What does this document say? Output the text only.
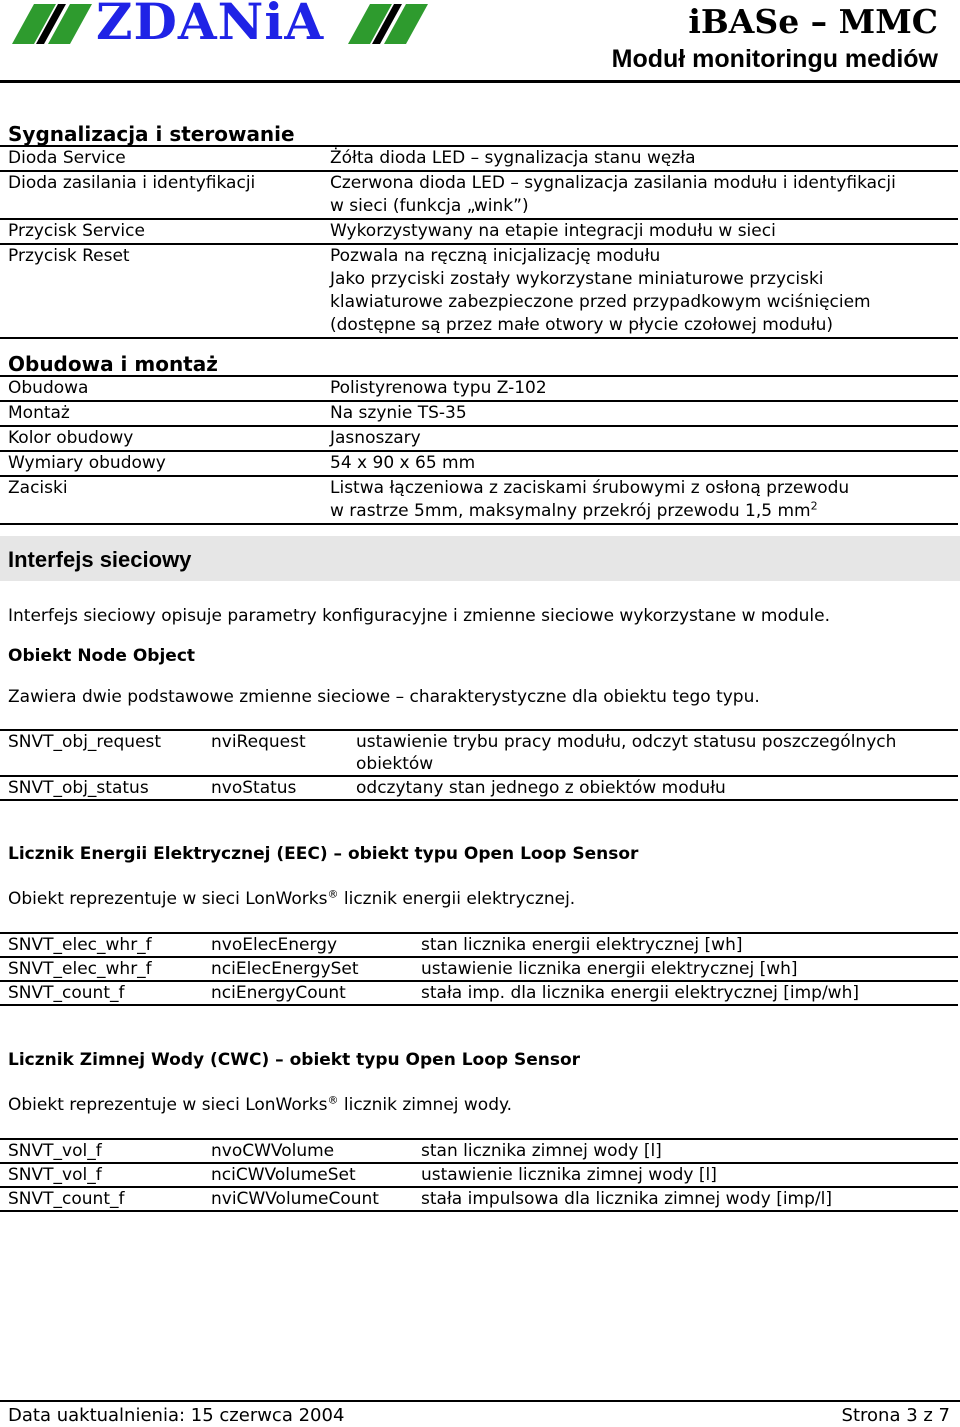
ZDANiA	iBASe – MMC
Moduł monitoringu mediów
Sygnalizacja i sterowanie
Dioda Service	Żółta dioda LED – sygnalizacja stanu węzła
Dioda zasilania i identyfikacji	Czerwona dioda LED – sygnalizacja zasilania modułu i identyfikacji
w sieci (funkcja „wink”)
Przycisk Service	Wykorzystywany na etapie integracji modułu w sieci
Przycisk Reset	Pozwala na ręczną inicjalizację modułu
Jako przyciski zostały wykorzystane miniaturowe przyciski
klawiaturowe zabezpieczone przed przypadkowym wciśnięciem
(dostępne są przez małe otwory w płycie czołowej modułu)
Obudowa i montaż
Obudowa	Polistyrenowa typu Z-102
Montaż	Na szynie TS-35
Kolor obudowy	Jasnoszary
Wymiary obudowy	54 x 90 x 65 mm
Zaciski	Listwa łączeniowa z zaciskami śrubowymi z osłoną przewodu
w rastrze 5mm, maksymalny przekrój przewodu 1,5 $mm^2$
Interfejs sieciowy
Interfejs sieciowy opisuje parametry konfiguracyjne i zmienne sieciowe wykorzystane w module.
Obiekt Node Object
Zawiera dwie podstawowe zmienne sieciowe – charakterystyczne dla obiektu tego typu.
SNVT_obj_request	nviRequest	ustawienie trybu pracy modułu, odczyt statusu poszczególnych
obiektów
SNVT_obj_status	nvoStatus	odczytany stan jednego z obiektów modułu
Licznik Energii Elektrycznej (EEC) – obiekt typu Open Loop Sensor
Obiekt reprezentuje w sieci LonWorks® licznik energii elektrycznej.
SNVT_elec_whr_f	nvoElecEnergy	stan licznika energii elektrycznej [wh]
SNVT_elec_whr_f	nciElecEnergySet	ustawienie licznika energii elektrycznej [wh]
SNVT_count_f	nciEnergyCount	stała imp. dla licznika energii elektrycznej [imp/wh]
Licznik Zimnej Wody (CWC) – obiekt typu Open Loop Sensor
Obiekt reprezentuje w sieci LonWorks® licznik zimnej wody.
SNVT_vol_f	nvoCWVolume	stan licznika zimnej wody [l]
SNVT_vol_f	nciCWVolumeSet	ustawienie licznika zimnej wody [l]
SNVT_count_f	nviCWVolumeCount	stała impulsowa dla licznika zimnej wody [imp/l]
Data uaktualnienia: 15 czerwca 2004	Strona 3 z 7
